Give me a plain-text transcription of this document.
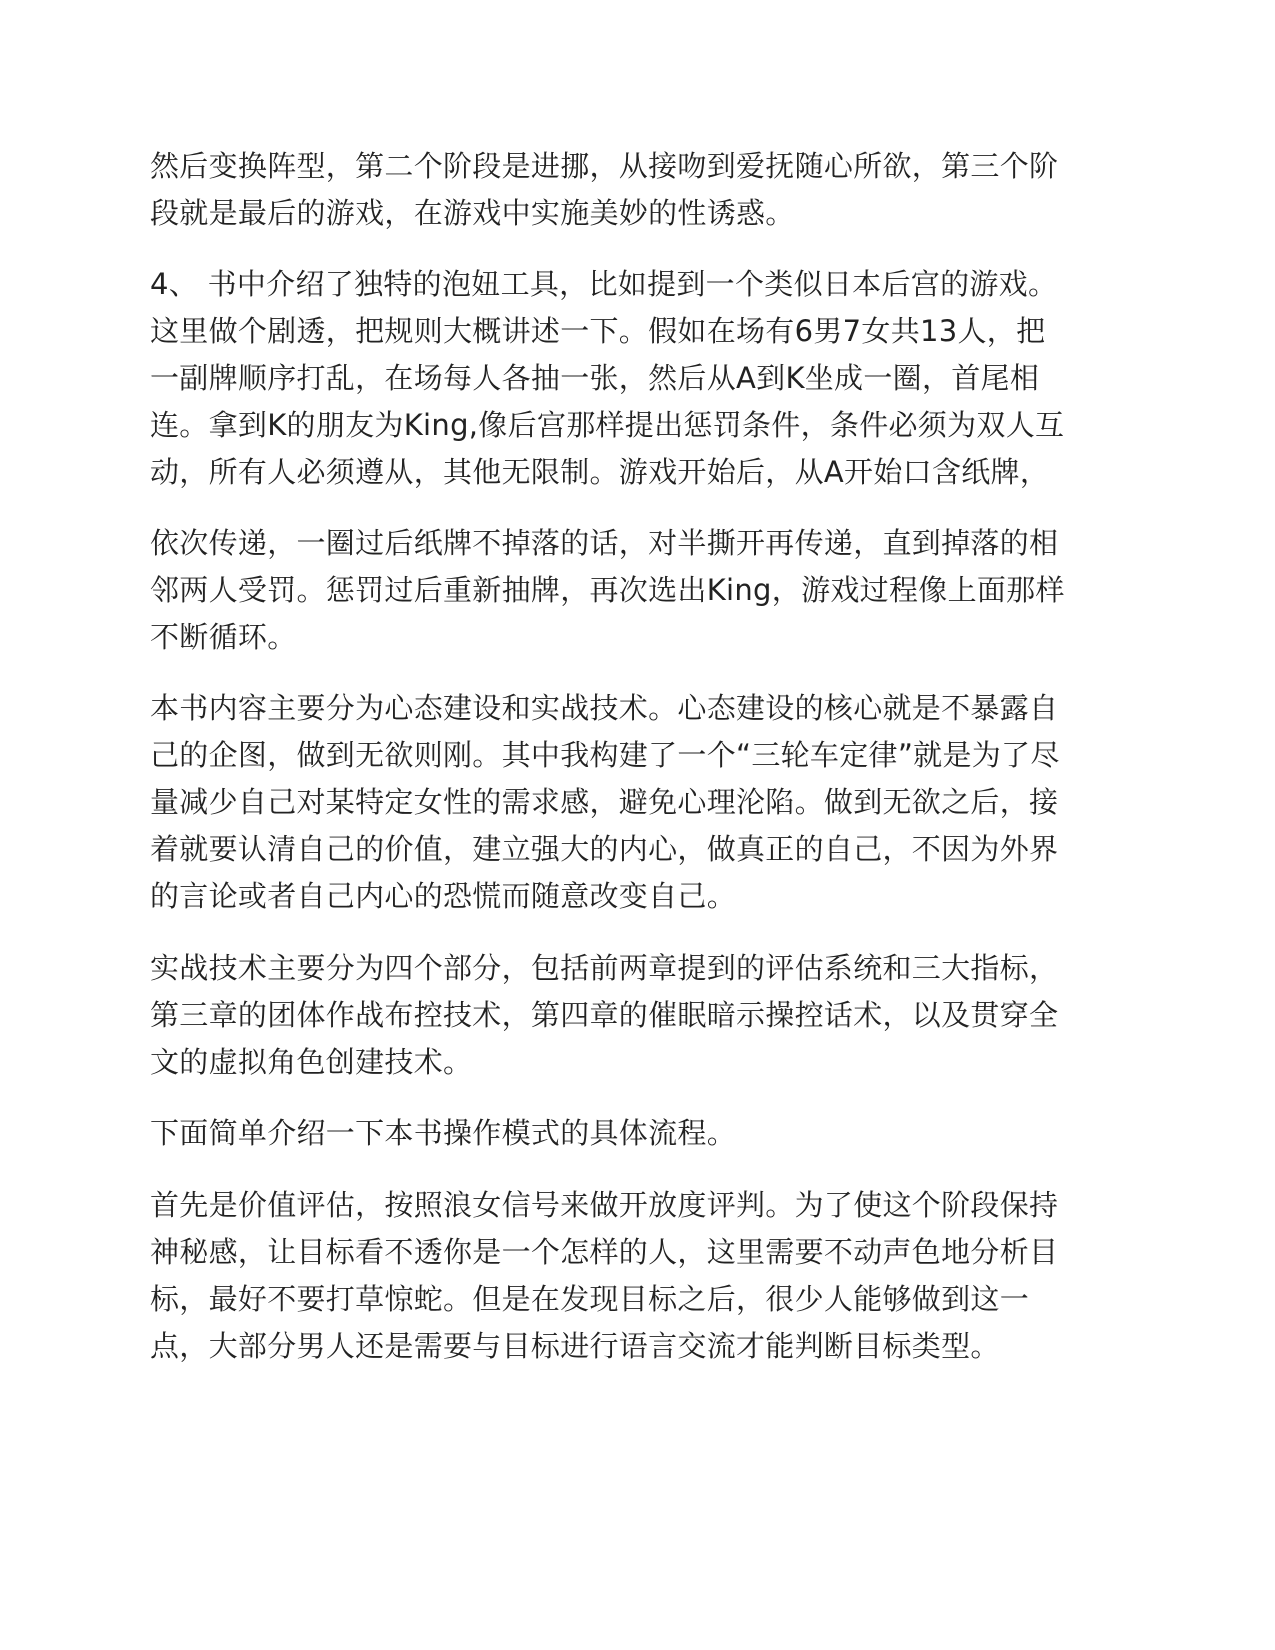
然后变换阵型，第二个阶段是进挪，从接吻到爱抚随心所欲，第三个阶
段就是最后的游戏，在游戏中实施美妙的性诱惑。
4、 书中介绍了独特的泡妞工具，比如提到一个类似日本后宫的游戏。
这里做个剧透，把规则大概讲述一下。假如在场有6男7女共13人，把
一副牌顺序打乱，在场每人各抽一张，然后从A到K坐成一圈，首尾相
连。拿到K的朋友为King,像后宫那样提出惩罚条件，条件必须为双人互
动，所有人必须遵从，其他无限制。游戏开始后，从A开始口含纸牌，
依次传递，一圈过后纸牌不掉落的话，对半撕开再传递，直到掉落的相
邻两人受罚。惩罚过后重新抽牌，再次选出King，游戏过程像上面那样
不断循环。
本书内容主要分为心态建设和实战技术。心态建设的核心就是不暴露自
己的企图，做到无欲则刚。其中我构建了一个“三轮车定律”就是为了尽
量减少自己对某特定女性的需求感，避免心理沦陷。做到无欲之后，接
着就要认清自己的价值，建立强大的内心，做真正的自己，不因为外界
的言论或者自己内心的恐慌而随意改变自己。
实战技术主要分为四个部分，包括前两章提到的评估系统和三大指标，
第三章的团体作战布控技术，第四章的催眠暗示操控话术，以及贯穿全
文的虚拟角色创建技术。
下面简单介绍一下本书操作模式的具体流程。
首先是价值评估，按照浪女信号来做开放度评判。为了使这个阶段保持
神秘感，让目标看不透你是一个怎样的人，这里需要不动声色地分析目
标，最好不要打草惊蛇。但是在发现目标之后，很少人能够做到这一
点，大部分男人还是需要与目标进行语言交流才能判断目标类型。
